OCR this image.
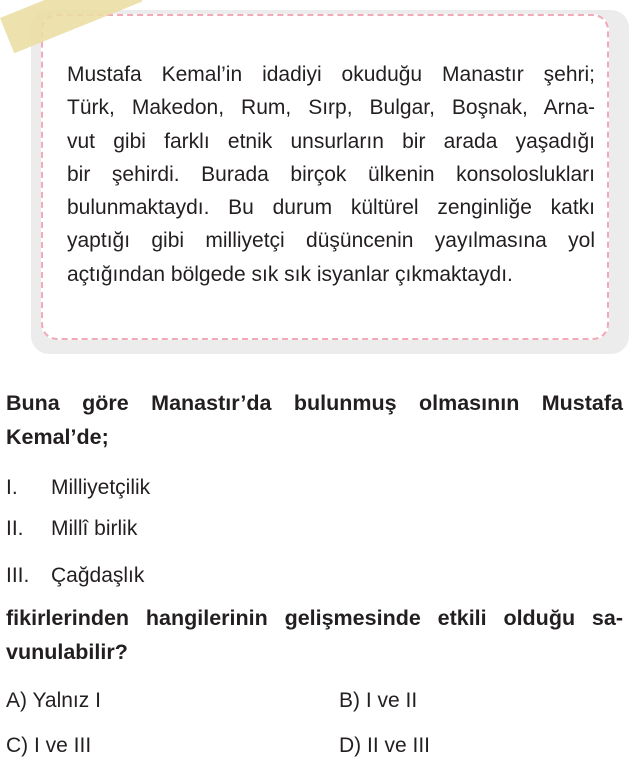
Mustafa Kemal’in idadiyi okuduğu Manastır şehri;
Türk, Makedon, Rum, Sırp, Bulgar, Boşnak, Arna-
vut gibi farklı etnik unsurların bir arada yaşadığı
bir şehirdi. Burada birçok ülkenin konsoloslukları
bulunmaktaydı. Bu durum kültürel zenginliğe katkı
yaptığı gibi milliyetçi düşüncenin yayılmasına yol
açtığından bölgede sık sık isyanlar çıkmaktaydı.

Buna göre Manastır’da bulunmuş olmasının Mustafa
Kemal’de;

I. Milliyetçilik
II. Millî birlik
III. Çağdaşlık

fikirlerinden hangilerinin gelişmesinde etkili olduğu sa-
vunulabilir?

A) Yalnız I	B) I ve II
C) I ve III	D) II ve III
